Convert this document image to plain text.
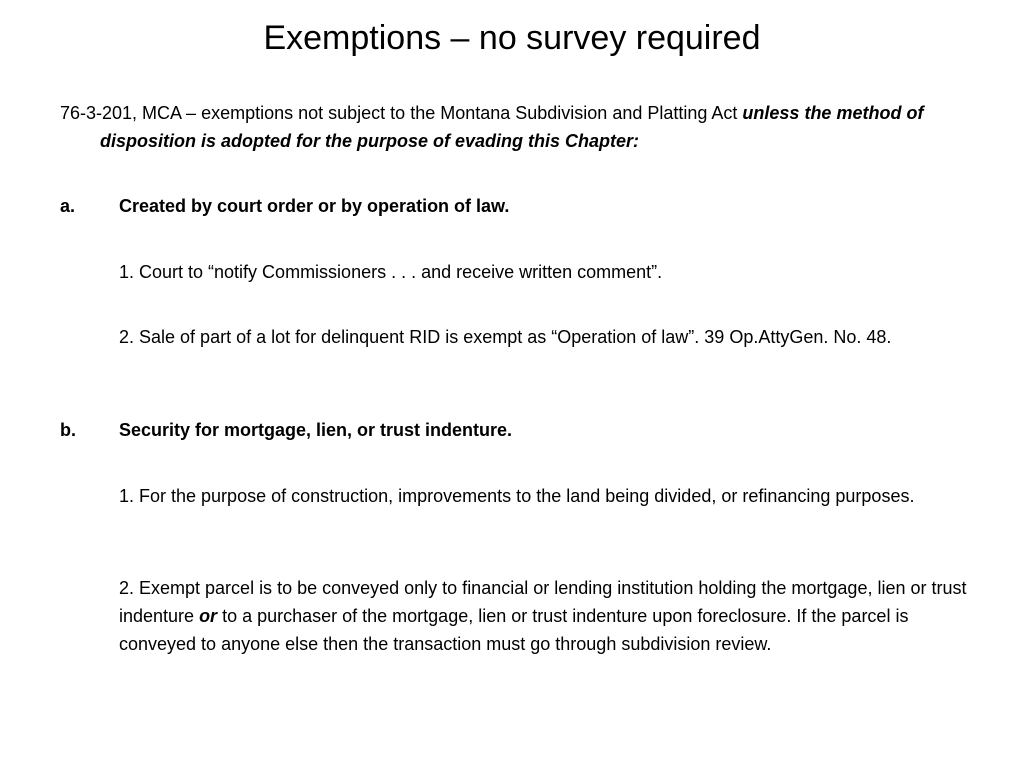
Exemptions – no survey required
76-3-201, MCA – exemptions not subject to the Montana Subdivision and Platting Act unless the method of disposition is adopted for the purpose of evading this Chapter:
a. Created by court order or by operation of law.
1. Court to “notify Commissioners . . . and receive written comment”.
2. Sale of part of a lot for delinquent RID is exempt as “Operation of law”. 39 Op.AttyGen. No. 48.
b. Security for mortgage, lien, or trust indenture.
1. For the purpose of construction, improvements to the land being divided, or refinancing purposes.
2. Exempt parcel is to be conveyed only to financial or lending institution holding the mortgage, lien or trust indenture or to a purchaser of the mortgage, lien or trust indenture upon foreclosure. If the parcel is conveyed to anyone else then the transaction must go through subdivision review.
